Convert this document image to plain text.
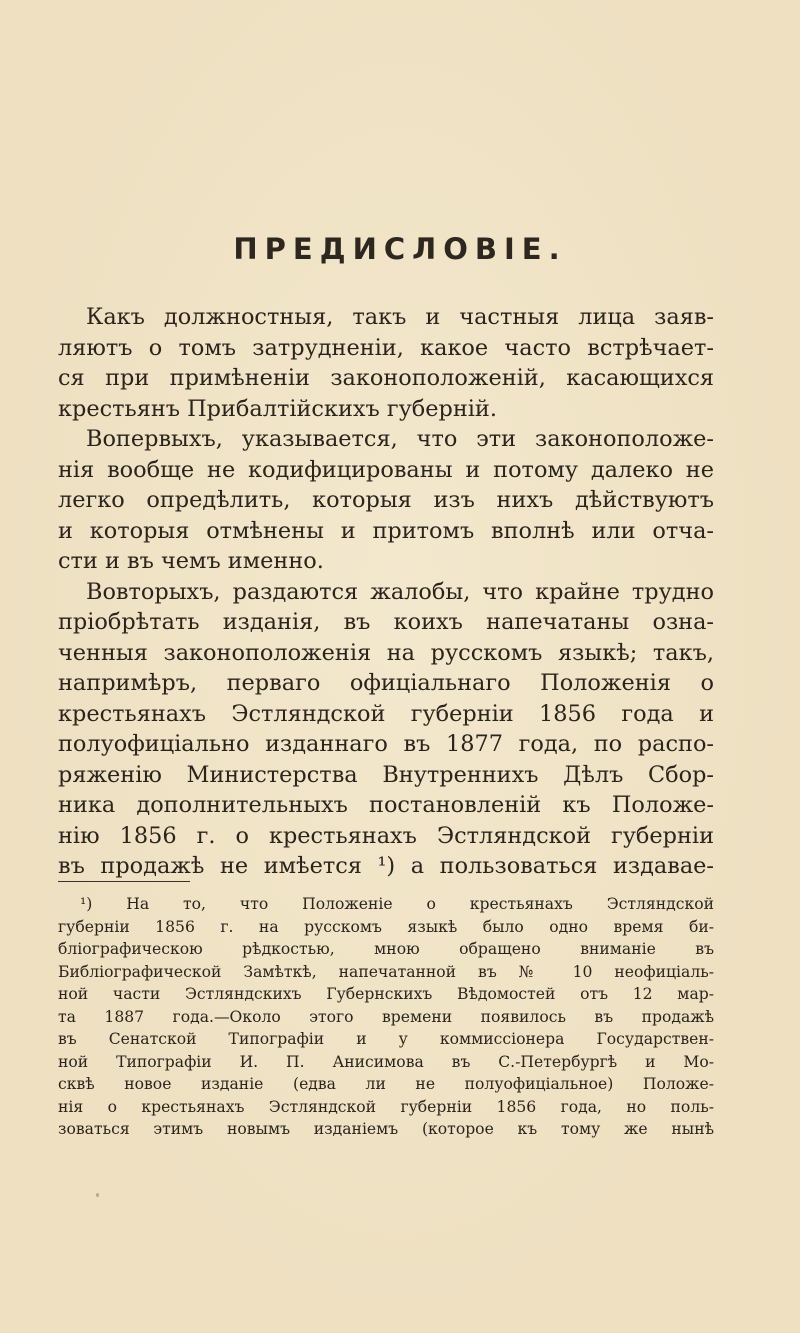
ПРЕДИСЛОВІЕ.
Какъ должностныя, такъ и частныя лица заяв-
ляютъ о томъ затрудненіи, какое часто встрѣчает-
ся при примѣненіи законоположеній, касающихся
крестьянъ Прибалтійскихъ губерній.
Вопервыхъ, указывается, что эти законоположе-
нія вообще не кодифицированы и потому далеко не
легко опредѣлить, которыя изъ нихъ дѣйствуютъ
и которыя отмѣнены и притомъ вполнѣ или отча-
сти и въ чемъ именно.
Вовторыхъ, раздаются жалобы, что крайне трудно
пріобрѣтать изданія, въ коихъ напечатаны озна-
ченныя законоположенія на русскомъ языкѣ; такъ,
напримѣръ, перваго офиціальнаго Положенія о
крестьянахъ Эстляндской губерніи 1856 года и
полуофиціально изданнаго въ 1877 года, по распо-
ряженію Министерства Внутреннихъ Дѣлъ Сбор-
ника дополнительныхъ постановленій къ Положе-
нію 1856 г. о крестьянахъ Эстляндской губерніи
въ продажѣ не имѣется ¹) а пользоваться издавае-
¹) На то, что Положеніе о крестьянахъ Эстляндской
губерніи 1856 г. на русскомъ языкѣ было одно время би-
бліографическою рѣдкостью, мною обращено вниманіе въ
Библіографической Замѣткѣ, напечатанной въ № 10 неофиціаль-
ной части Эстляндскихъ Губернскихъ Вѣдомостей отъ 12 мар-
та 1887 года.—Около этого времени появилось въ продажѣ
въ Сенатской Типографіи и у коммиссіонера Государствен-
ной Типографіи И. П. Анисимова въ С.-Петербургѣ и Мо-
сквѣ новое изданіе (едва ли не полуофиціальное) Положе-
нія о крестьянахъ Эстляндской губерніи 1856 года, но поль-
зоваться этимъ новымъ изданіемъ (которое къ тому же нынѣ
